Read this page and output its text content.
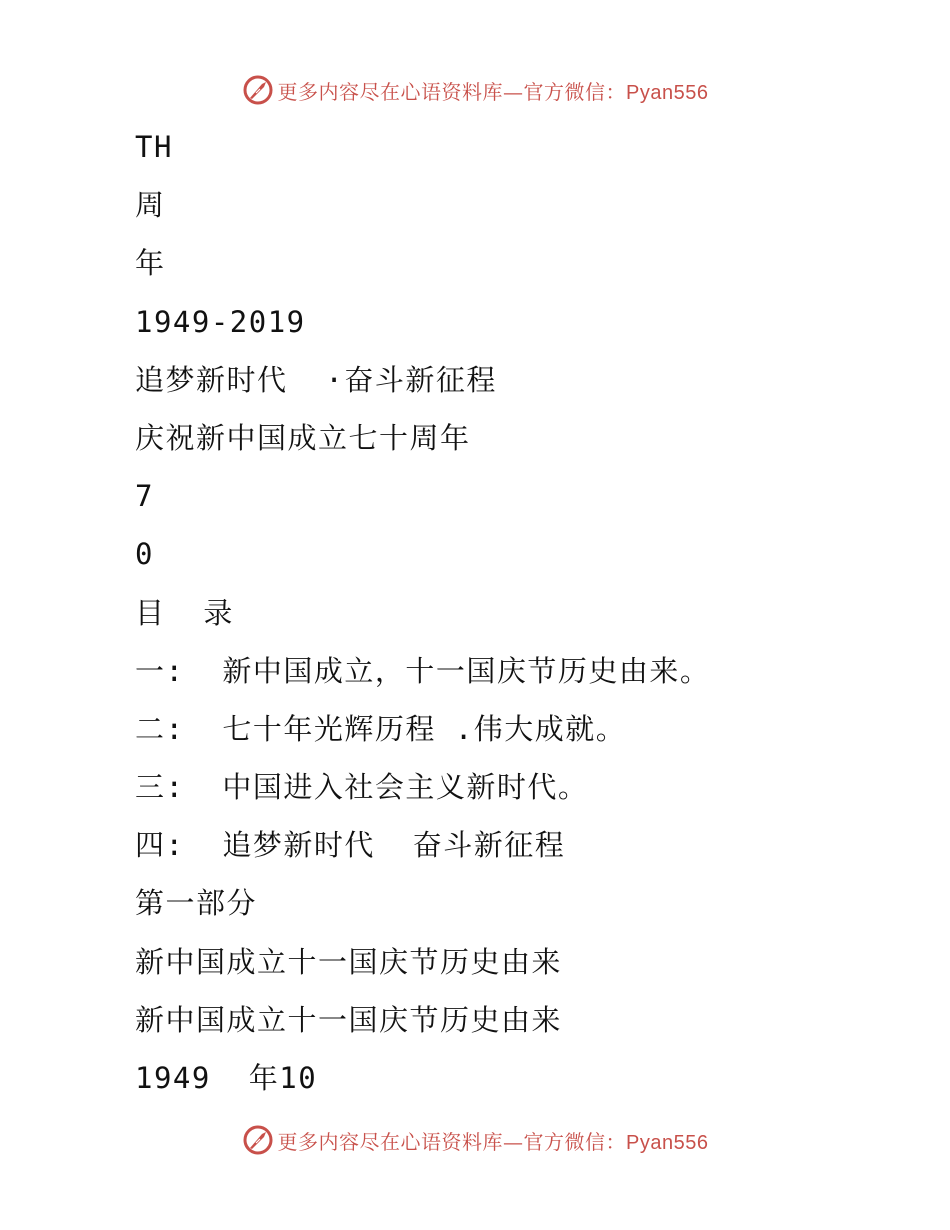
更多内容尽在心语资料库—官方微信：Pyan556
TH
周
年
1949-2019
追梦新时代  ·奋斗新征程
庆祝新中国成立七十周年
7
0
目  录
一:  新中国成立，十一国庆节历史由来。
二:  七十年光辉历程 .伟大成就。
三:  中国进入社会主义新时代。
四:  追梦新时代  奋斗新征程
第一部分
新中国成立十一国庆节历史由来
新中国成立十一国庆节历史由来
1949  年10
更多内容尽在心语资料库—官方微信：Pyan556
